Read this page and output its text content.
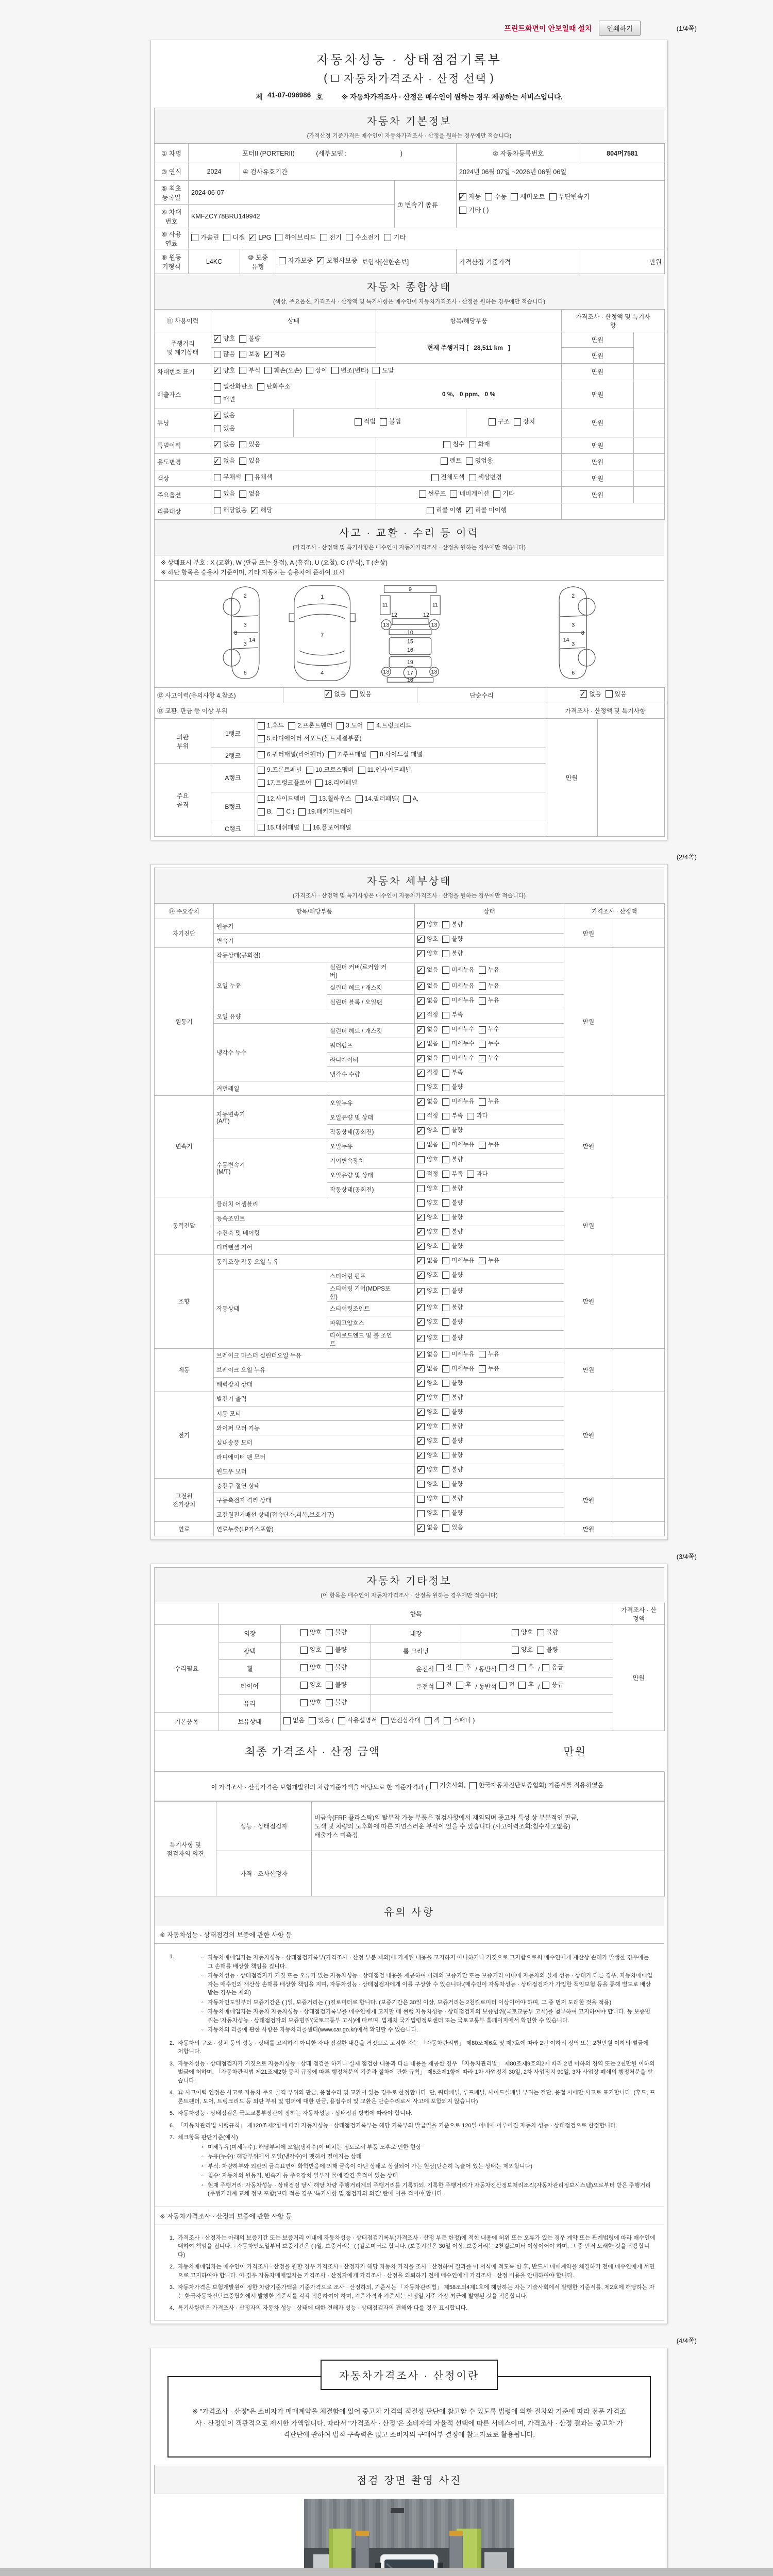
프린트화면이 안보일때 설치	인쇄하기	(1/4쪽)
자동차성능 · 상태점검기록부
( 자동차가격조사 · 산정 선택 )
제 41-07-096986 호	※ 자동차가격조사 · 산정은 매수인이 원하는 경우 제공하는 서비스입니다.
자동차 기본정보
(가격산정 기준가격은 매수인이 자동차가격조사 · 산정을 원하는 경우에만 적습니다)
① 차명	포터II (PORTERII)            (세부모델 :                              )				② 자동차등록번호	804머7581
③ 연식	2024	④ 검사유효기간			2024년 06월 07일 ~2026년 06월 06일	
⑤ 최초
등록일	2024-06-07	⑦ 변속기 종류	
✓
자동 수동 세미오토 무단변속기
기타 ( )

⑥ 차대
번호	KMFZCY78BRU149942					
⑧ 사용
연료	
가솔린 디젤 ✓ LPG 하이브리드 전기 수소전기 기타

⑨ 원동
기형식	L4KC	⑩ 보증
유형	자가보증 ✓ 보험사보증 보험사[신한손보]		가격산정 기준가격	만원
자동차 종합상태
(색상, 주요옵션, 가격조사 · 산정액 및 특기사항은 매수인이 자동차가격조사 · 산정을 원하는 경우에만 적습니다)
⑪ 사용이력	상태		항목/해당부품		가격조사 · 산정액 및 특기사
항	
주행거리
및 계기상태	
✓
양호 불량		현재 주행거리 [   28,511 km   ]		만원	

	많음 보통 ✓ 적음				만원	
차대번호 표기	
✓양호 부식 훼손(오손) 상이 변조(변타) 도말	만원	
배출가스	일산화탄소 탄화수소
매연		0 %,   0 ppm,   0 %		만원	
튜닝	
✓
없음
있음

적법 불법	구조 장치	만원	
특별이력	
✓없음 있음		침수 화재		만원	
용도변경	
✓없음 있음		렌트 영업용		만원	
색상	무채색 유채색		전체도색 색상변경		만원	
주요옵션	있음 없음		썬루프 네비게이션 기타		만원	
리콜대상	해당없음 ✓ 해당		리콜 이행 ✓ 리콜 미이행

사고 · 교환 · 수리 등 이력
(가격조사 · 산정액 및 특기사항은 매수인이 자동차가격조사 · 산정을 원하는 경우에만 적습니다)
※ 상태표시 부호 : X (교환), W (판금 또는 용접), A (흠집), U (요철), C (부식), T (손상)
※ 하단 항목은 승용차 기준이며, 기타 자동차는 승용차에 준하여 표시
2
3
14
3
6
8
1
7
4
9
11	11
12	12
13	13
10
15
16
19
13	13
17
18
2
3
14
3
6
8
⑫ 사고이력(유의사항 4.참조)	
✓없음 있음	단순수리	
✓없음 있음

⑬ 교환, 판금 등 이상 부위			가격조사 · 산정액 및 특기사항
외판
부위	1랭크	
1.후드 2.프론트휀더 3.도어 4.트렁크리드
5.라디에이터 서포트(볼트체결부품)
	만원	
	2랭크	6.쿼터패널(리어휀더) 7.루프패널 8.사이드실 패널		

주요
골격	A랭크	
9.프론트패널 10.크로스멤버 11.인사이드패널
17.트렁크플로어 18.리어패널

B랭크	
12.사이드멤버 13.휠하우스 14.필러패널( A,
B, C ) 19.패키지트레이

	C랭크	15.대쉬패널 16.플로어패널		
(2/4쪽)
자동차 세부상태
(가격조사 · 산정액 및 특기사항은 매수인이 자동차가격조사 · 산정을 원하는 경우에만 적습니다)
⑭ 주요장치	항목/해당부품		상태	가격조사 · 산정액	
자기진단	원동기	
✓양호 불량	만원	
	변속기	
✓양호 불량

원동기	작동상태(공회전)	
✓양호 불량	만원	
	오일 누유	실린더 커버(로커암 커
버)	
✓
없음 미세누유 누유

		실린더 헤드 / 개스킷	
✓없음 미세누유 누유

		실린더 블록 / 오일팬	
✓없음 미세누유 누유

	오일 유량	
✓적정 부족

	냉각수 누수	실린더 헤드 / 개스킷	
✓없음 미세누수 누수

		워터펌프	
✓없음 미세누수 누수

		라디에이터	
✓없음 미세누수 누수

		냉각수 수량	
✓적정 부족

	커먼레일		양호 불량		

변속기	자동변속기
(A/T)	오일누유	
✓없음 미세누유 누유	만원	
		오일유량 및 상태	적정 부족 과다		

		작동상태(공회전)	
✓양호 불량

	수동변속기
(M/T)	오일누유	없음 미세누유 누유		

		기어변속장치	양호 불량		

		오일유량 및 상태	적정 부족 과다		

		작동상태(공회전)	양호 불량		

동력전달	클러치 어셈블리		양호 불량	만원	
	등속조인트	
✓양호 불량

	추진축 및 베어링	
✓양호 불량

	디퍼렌셜 기어	
✓양호 불량

조향	동력조향 작동 오일 누유	
✓없음 미세누유 누유	만원	
	작동상태	스티어링 펌프	
✓양호 불량

		스티어링 기어(MDPS포
함)	
✓
양호 불량

		스티어링조인트	
✓양호 불량

		파워고압호스	
✓양호 불량

		타이로드엔드 및 볼 조인
트	
✓
양호 불량

제동	브레이크 마스터 실린더오일 누유	
✓없음 미세누유 누유	만원	
	브레이크 오일 누유	
✓없음 미세누유 누유

	배력장치 상태	
✓양호 불량

전기	발전기 출력	
✓양호 불량	만원	
	시동 모터	
✓양호 불량

	와이퍼 모터 기능	
✓양호 불량

	실내송풍 모터	
✓양호 불량

	라디에이터 팬 모터	
✓양호 불량

	윈도우 모터	
✓양호 불량

고전원
전기장치	충전구 절연 상태		양호 불량	만원	
	구동축전지 격리 상태		양호 불량		

	고전원전기배선 상태(접속단자,피복,보호기구)		양호 불량		

연료	연료누출(LP가스포함)	
✓없음 있음	만원	
(3/4쪽)
자동차 기타정보
(이 항목은 매수인이 자동차가격조사 · 산정을 원하는 경우에만 적습니다)
	항목				가격조사 · 산
정액
수리필요	외장	양호 불량	내장	양호 불량	만원
	광택	양호 불량	룸 크리닝	양호 불량	

휠	양호 불량	운전석 전 후 / 동반석 전 후 / 응급

타이어	양호 불량	운전석 전 후 / 동반석 전 후 / 응급

	유리	양호 불량			

기본품목	보유상태	없음 있음 ( 사용설명서 안전삼각대 잭 스패너 )
최종 가격조사 · 산정 금액	만원
이 가격조사 · 산정가격은 보험개발원의 차량기준가액을 바탕으로 한 기준가격과 ( 기술사회, 한국자동차진단보증협회) 기준서를 적용하였음
특기사항 및
점검자의 의견	성능 · 상태점검자	비금속(FRP 플라스틱)의 탈부착 가능 부품은 점검사항에서 제외되며 중고차 특성 상 부분적인 판금,
도색 및 차량의 노후화에 따른 자연스러운 부식이 있을 수 있습니다.(사고이력조회:침수사고없음)
배출가스 미측정
	가격 · 조사산정자	
유의 사항
※ 자동차성능 · 상태점검의 보증에 관한 사항 등
1.	◦ 자동차매매업자는 자동차성능 · 상태점검기록부(가격조사 · 산정 부분 제외)에 기재된 내용을 고지하지 아니하거나 거짓으로 고지함으로써 매수인에게 재산상 손해가 발생한 경우에는 그 손해를 배상할 책임을 집니다.
◦ 자동차성능 · 상태점검자가 거짓 또는 오류가 있는 자동차성능 · 상태점검 내용을 제공하여 아래의 보증기간 또는 보증거리 이내에 자동차의 실제 성능 · 상태가 다른 경우, 자동차매매업자는 매수인의 재산상 손해를 배상할 책임을 지며, 자동차성능 · 상태점검자에게 이를 구상할 수 있습니다.(매수인이 자동차성능 · 상태점검자가 가입한 책임보험 등을 통해 별도로 배상받는 경우는 제외)
◦ 자동차인도일부터 보증기간은 ( )일, 보증거리는 ( )킬로미터로 합니다. (보증기간은 30일 이상, 보증거리는 2천킬로미터 이상이어야 하며, 그 중 먼저 도래한 것을 적용)
◦ 자동차매매업자는 자동차 자동차성능 · 상태점검기록부를 매수인에게 고지할 때 현행 자동차성능 · 상태점검자의 보증범위(국토교통부 고시)를 첨부하여 고지하여야 합니다. 동 보증범위는 '자동차성능 · 상태점검자의 보증범위'(국토교통부 고시)에 따르며, 법제처 국가법령정보센터 또는 국토교통부 홈페이지에서 확인할 수 있습니다.
◦ 자동차의 리콜에 관한 사항은 자동차리콜센터(www.car.go.kr)에서 확인할 수 있습니다.
2. 자동차의 구조 · 장치 등의 성능 · 상태를 고지하지 아니한 자나 점검한 내용을 거짓으로 고지한 자는 「자동차관리법」 제80조제6호 및 제7호에 따라 2년 이하의 징역 또는 2천만원 이하의 벌금에 처합니다.
3. 자동차성능 · 상태점검자가 거짓으로 자동차성능 · 상태 점검을 하거나 실제 점검한 내용과 다른 내용을 제공한 경우 「자동차관리법」 제80조제9호의2에 따라 2년 이하의 징역 또는 2천만원 이하의 벌금에 처하며, 「자동차관리법 제21조제2항 등의 규정에 따른 행정처분의 기준과 절차에 관한 규칙」 제5조제1항에 따라 1차 사업정지 30일, 2차 사업정지 90일, 3차 사업장 폐쇄의 행정처분을 받습니다.
4. ⑫ 사고이력 인정은 사고로 자동차 주요 골격 부위의 판금, 용접수리 및 교환이 있는 경우로 한정합니다. 단, 쿼터패널, 루프패널, 사이드실패널 부위는 절단, 용접 시에만 사고로 표기합니다. (후드, 프론트펜더, 도어, 트렁크리드 등 외판 부위 및 범퍼에 대한 판금, 용접수리 및 교환은 단순수리로서 사고에 포함되지 않습니다)
5. 자동차성능 · 상태점검은 국토교통부장관이 정하는 자동차성능 · 상태점검 방법에 따라야 합니다.
6. 「자동차관리법 시행규칙」 제120조제2항에 따라 자동차성능 · 상태점검기록부는 해당 기록부의 발급일을 기준으로 120일 이내에 이루어진 자동차 성능 · 상태점검으로 한정합니다.
7. 체크항목 판단기준(예시)
◦ 미세누유(미세누수): 해당부위에 오일(냉각수)이 비치는 정도로서 부품 노후로 인한 현상
◦ 누유(누수): 해당부위에서 오일(냉각수)이 맺혀서 떨어지는 상태
◦ 부식: 차량하부와 외판의 금속표면이 화학반응에 의해 금속이 아닌 상태로 상실되어 가는 현상(단순히 녹슬어 있는 상태는 제외합니다)
◦ 침수: 자동차의 원동기, 변속기 등 주요장치 일부가 물에 잠긴 흔적이 있는 상태
◦ 현재 주행거리: 자동차성능 · 상태점검 당시 해당 차량 주행거리계의 주행거리를 기록하되, 기록한 주행거리가 자동차전산정보처리조직(자동차관리정보시스템)으로부터 받은 주행거리(주행거리계 교체 정보 포함)보다 적은 경우 '특기사항 및 점검자의 의견' 란에 이를 적어야 합니다.
※ 자동차가격조사 · 산정의 보증에 관한 사항 등
1. 가격조사 · 산정자는 아래의 보증기간 또는 보증거리 이내에 자동차성능 · 상태점검기록부(가격조사 · 산정 부분 한정)에 적힌 내용에 허위 또는 오류가 있는 경우 계약 또는 관계법령에 따라 매수인에 대하여 책임을 집니다. · 자동차인도일부터 보증기간은 ( )일, 보증거리는 ( )킬로미터로 합니다. (보증기간은 30일 이상, 보증거리는 2천킬로미터 이상이어야 하며, 그 중 먼저 도래한 것을 적용합니다)
2. 자동차매매업자는 매수인이 가격조사 · 산정을 원할 경우 가격조사 · 산정자가 해당 자동차 가격을 조사 · 산정하여 결과를 이 서식에 적도록 한 후, 반드시 매매계약을 체결하기 전에 매수인에게 서면으로 고지하여야 합니다. 이 경우 자동차매매업자는 가격조사 · 산정자에게 가격조사 · 산정을 의뢰하기 전에 매수인에게 가격조사 · 산정 비용을 안내하여야 합니다.
3. 자동차가격은 보험개발원이 정한 차량기준가액을 기준가격으로 조사 · 산정하되, 기준서는 「자동차관리법」 제58조의4제1호에 해당하는 자는 기술사회에서 발행한 기준서를, 제2호에 해당하는 자는 한국자동차진단보증협회에서 발행한 기준서를 각각 적용하여야 하며, 기준가격과 기준서는 산정일 기준 가장 최근에 발행된 것을 적용합니다.
4. 특기사항란은 가격조사 · 산정자의 자동차 성능 · 상태에 대한 견해가 성능 · 상태점검자의 견해와 다를 경우 표시합니다.
(4/4쪽)
자동차가격조사 · 산정이란
※ "가격조사 · 산정"은 소비자가 매매계약을 체결함에 있어 중고차 가격의 적절성 판단에 참고할 수 있도록 법령에 의한 절차와 기준에 따라 전문 가격조사 · 산정인이 객관적으로 제시한 가액입니다. 따라서 "가격조사 · 산정"은 소비자의 자율적 선택에 따른 서비스이며, 가격조사 · 산정 결과는 중고차 가격판단에 관하여 법적 구속력은 없고 소비자의 구매여부 결정에 참고자료로 활용됩니다.
점검 장면 촬영 사진
